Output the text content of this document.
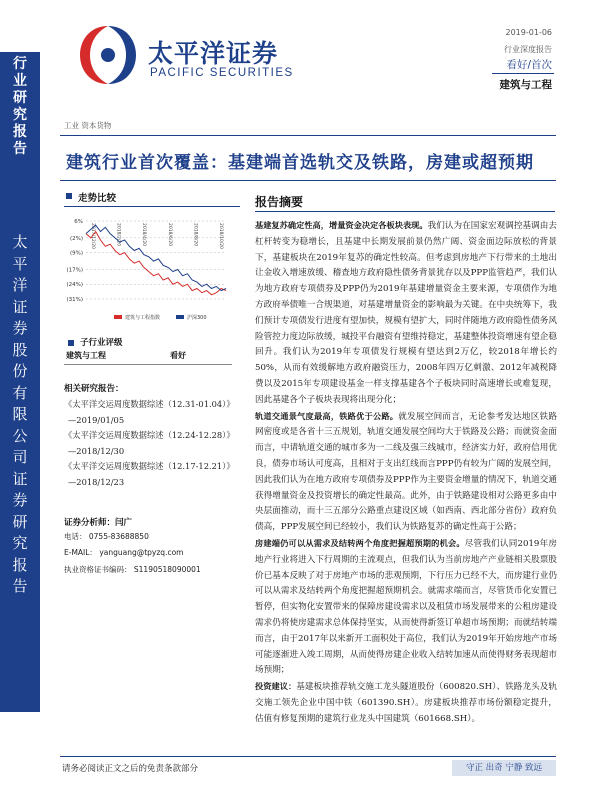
太平洋证券
PACIFIC SECURITIES
2019-01-06
行业深度报告
看好/首次
建筑与工程
行
业
研
究
报
告
太
平
洋
证
券
股
份
有
限
公
司
证
券
研
究
报
告
工业 资本货物
建筑行业首次覆盖：基建端首选轨交及铁路，房建或超预期
走势比较
6%
(2%)
(9%)
(17%)
(24%)
(31%)
2017/12/20	2018/2/20	2018/4/20	2018/6/20	2018/8/20	2018/10/20
建筑与工程指数	沪深300
子行业评级
建筑与工程	看好
相关研究报告：
《太平洋交运周度数据综述（12.31-01.04）》—2019/01/05
《太平洋交运周度数据综述（12.24-12.28）》—2018/12/30
《太平洋交运周度数据综述（12.17-12.21）》—2018/12/23
证券分析师：闫广
电话： 0755-83688850
E-MAIL： yanguang@tpyzq.com
执业资格证书编码： S1190518090001
报告摘要

基建复苏确定性高，增量资金决定各板块表现。我们认为在国家宏观调控基调由去杠杆转变为稳增长，且基建中长期发展前景仍然广阔、资金面边际放松的背景下，基建板块在2019年复苏的确定性较高。但考虑到房地产下行带来的土地出让金收入增速放缓、稽查地方政府隐性债务背景犹存以及PPP监管趋严，我们认为地方政府专项债券及PPP仍为2019年基建增量资金主要来源，专项债作为地方政府举债唯一合规渠道，对基建增量资金的影响最为关键。在中央统筹下，我们预计专项债发行进度有望加快，规模有望扩大，同时伴随地方政府隐性债务风险管控力度边际放缓，城投平台融资有望维持稳定，基建整体投资增速有望企稳回升。我们认为2019年专项债发行规模有望达到2万亿，较2018年增长约50%，从而有效缓解地方政府融资压力，2008年四万亿刺激、2012年减税降费以及2015年专项建设基金一样支撑基建各个子板块同时高速增长或难复现，因此基建各个子板块表现将出现分化；

轨道交通景气度最高，铁路优于公路。就发展空间而言，无论参考发达地区铁路网密度或是各省十三五规划，轨道交通发展空间均大于铁路及公路；而就资金面而言，中请轨道交通的城市多为一二线及强三线城市，经济实力好，政府信用优良，债券市场认可度高，且相对于支出红线而言PPP仍有较为广阔的发展空间，因此我们认为在地方政府专项债券及PPP作为主要资金增量的情况下，轨道交通获得增量资金及投资增长的确定性最高。此外，由于铁路建设相对公路更多由中央层面推动，而十三五部分公路重点建设区域（如西南、西北部分省份）政府负债高，PPP发展空间已经较小，我们认为铁路复苏的确定性高于公路；

房建端仍可以从需求及结转两个角度把握超预期的机会。尽管我们认同2019年房地产行业将进入下行周期的主流观点，但我们认为当前房地产产业链相关股票股价已基本反映了对于房地产市场的悲观预期，下行压力已经不大，而房建行业仍可以从需求及结转两个角度把握超预期机会。就需求端而言，尽管货币化安置已暂停，但实物化安置带来的保障房建设需求以及租赁市场发展带来的公租房建设需求仍将使房建需求总体保持坚实，从而使得新签订单超市场预期；而就结转端而言，由于2017年以来新开工面积处于高位，我们认为2019年开始房地产市场可能逐渐进入竣工周期，从而使得房建企业收入结转加速从而使得财务表现超市场预期；

投资建议：基建板块推荐轨交施工龙头隧道股份（600820.SH）、铁路龙头及轨交施工领先企业中国中铁（601390.SH）。房建板块推荐市场份额稳定提升，估值有修复预期的建筑行业龙头中国建筑（601668.SH）。

请务必阅读正文之后的免责条款部分	守正 出奇 宁静 致远
